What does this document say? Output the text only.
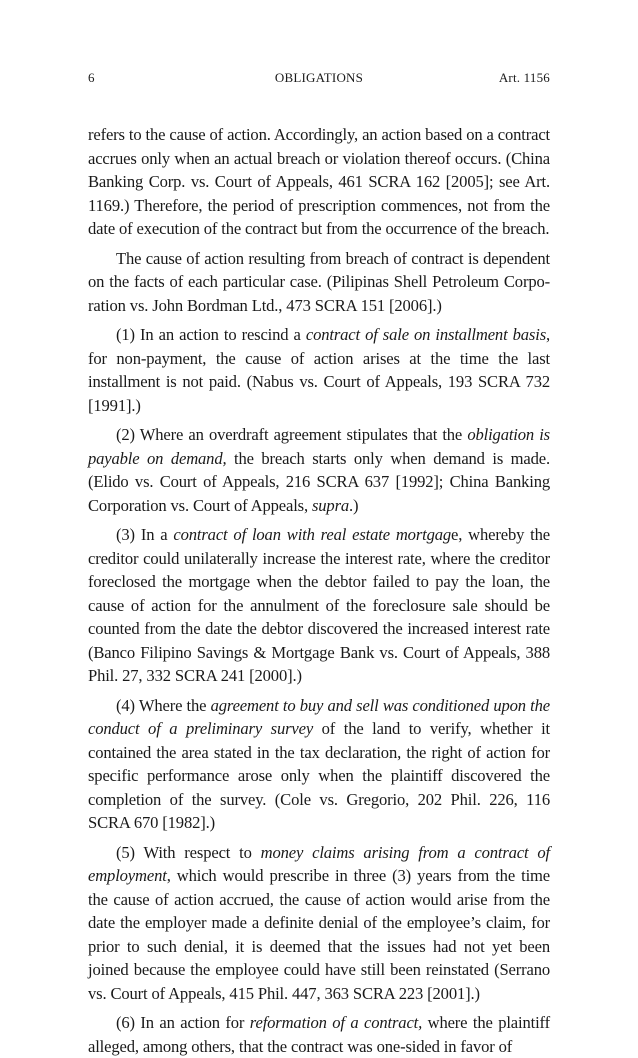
6	OBLIGATIONS	Art. 1156

refers to the cause of action. Accordingly, an action based on a contract accrues only when an actual breach or violation thereof occurs. (China Banking Corp. vs. Court of Appeals, 461 SCRA 162 [2005]; see Art. 1169.) Therefore, the period of prescription commences, not from the date of execution of the contract but from the occurrence of the breach.

The cause of action resulting from breach of contract is dependent on the facts of each particular case. (Pilipinas Shell Petroleum Corpo-ration vs. John Bordman Ltd., 473 SCRA 151 [2006].)

(1) In an action to rescind a contract of sale on installment basis, for non-payment, the cause of action arises at the time the last installment is not paid. (Nabus vs. Court of Appeals, 193 SCRA 732 [1991].)

(2) Where an overdraft agreement stipulates that the obligation is payable on demand, the breach starts only when demand is made. (Elido vs. Court of Appeals, 216 SCRA 637 [1992]; China Banking Corporation vs. Court of Appeals, supra.)

(3) In a contract of loan with real estate mortgage, whereby the creditor could unilaterally increase the interest rate, where the creditor foreclosed the mortgage when the debtor failed to pay the loan, the cause of action for the annulment of the foreclosure sale should be counted from the date the debtor discovered the increased interest rate (Banco Filipino Savings & Mortgage Bank vs. Court of Appeals, 388 Phil. 27, 332 SCRA 241 [2000].)

(4) Where the agreement to buy and sell was conditioned upon the conduct of a preliminary survey of the land to verify, whether it contained the area stated in the tax declaration, the right of action for specific performance arose only when the plaintiff discovered the completion of the survey. (Cole vs. Gregorio, 202 Phil. 226, 116 SCRA 670 [1982].)

(5) With respect to money claims arising from a contract of employment, which would prescribe in three (3) years from the time the cause of action accrued, the cause of action would arise from the date the employer made a definite denial of the employee’s claim, for prior to such denial, it is deemed that the issues had not yet been joined because the employee could have still been reinstated (Serrano vs. Court of Appeals, 415 Phil. 447, 363 SCRA 223 [2001].)

(6) In an action for reformation of a contract, where the plaintiff alleged, among others, that the contract was one-sided in favor of
